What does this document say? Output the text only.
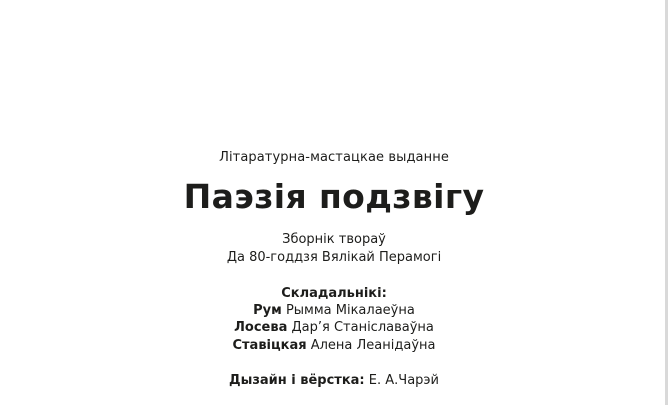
Літаратурна-мастацкае выданне
Паэзія подзвігу
Зборнік твораў
Да 80-годдзя Вялікай Перамогі
Складальнікі:
Рум Рымма Мікалаеўна
Лосева Дар’я Станіславаўна
Ставіцкая Алена Леанідаўна
Дызайн і вёрстка: Е. А.Чарэй
